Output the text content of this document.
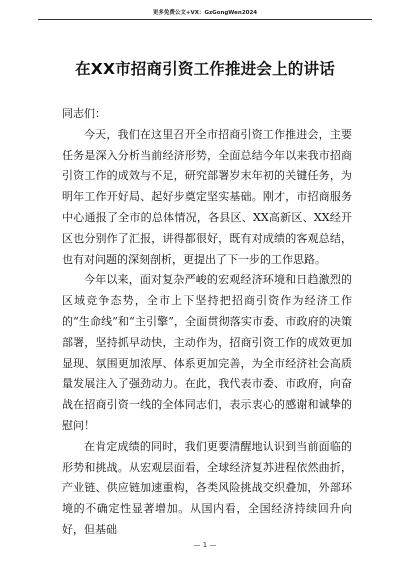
更多免费公文+VX：GzGongWen2024
在XX市招商引资工作推进会上的讲话

同志们：

今天，我们在这里召开全市招商引资工作推进会，主要任务是深入分析当前经济形势，全面总结今年以来我市招商引资工作的成效与不足，研究部署岁末年初的关键任务，为明年工作开好局、起好步奠定坚实基础。刚才，市招商服务中心通报了全市的总体情况，各县区、XX高新区、XX经开区也分别作了汇报，讲得都很好，既有对成绩的客观总结，也有对问题的深刻剖析，更提出了下一步的工作思路。

今年以来，面对复杂严峻的宏观经济环境和日趋激烈的区域竞争态势，全市上下坚持把招商引资作为经济工作的“生命线”和“主引擎”，全面贯彻落实市委、市政府的决策部署，坚持抓早动快，主动作为，招商引资工作的成效更加显现、氛围更加浓厚、体系更加完善，为全市经济社会高质量发展注入了强劲动力。在此，我代表市委、市政府，向奋战在招商引资一线的全体同志们，表示衷心的感谢和诚挚的慰问！

在肯定成绩的同时，我们更要清醒地认识到当前面临的形势和挑战。从宏观层面看，全球经济复苏进程依然曲折，产业链、供应链加速重构，各类风险挑战交织叠加，外部环境的不确定性显著增加。从国内看，全国经济持续回升向好，但基础

— 1 —
